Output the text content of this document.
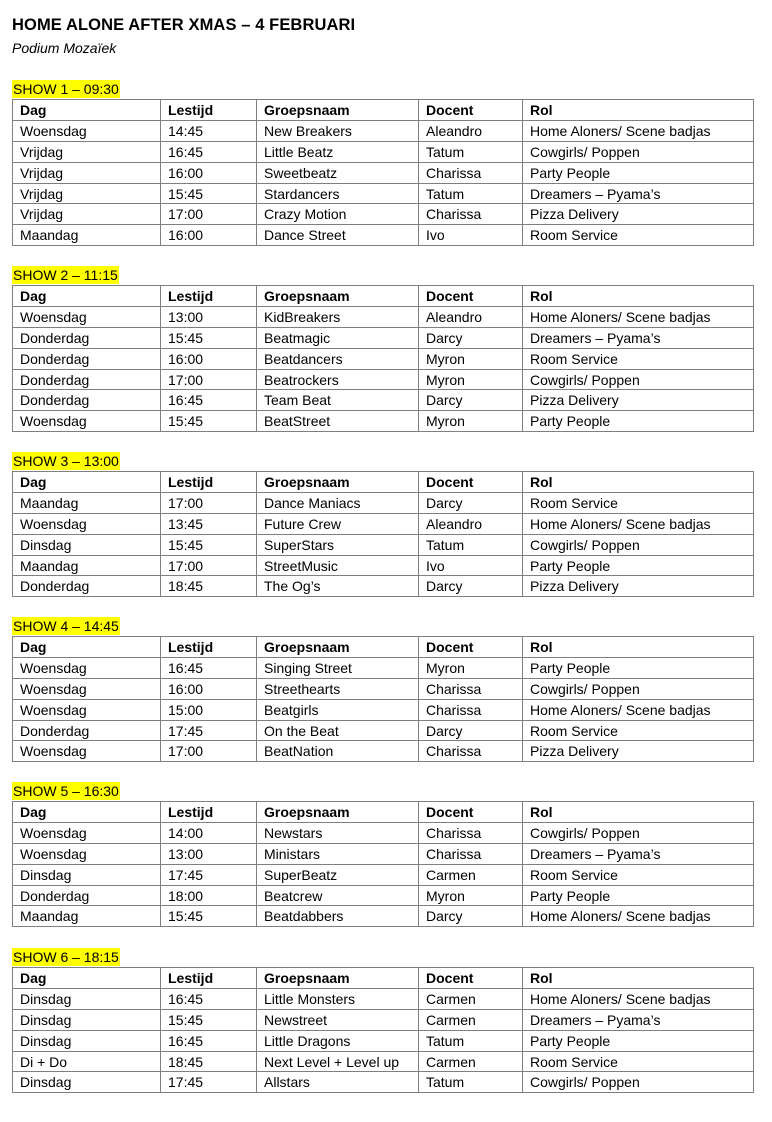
HOME ALONE AFTER XMAS – 4 FEBRUARI
Podium Mozaïek
SHOW 1 – 09:30
Dag	Lestijd	Groepsnaam	Docent	Rol
Woensdag	14:45	New Breakers	Aleandro	Home Aloners/ Scene badjas
Vrijdag	16:45	Little Beatz	Tatum	Cowgirls/ Poppen
Vrijdag	16:00	Sweetbeatz	Charissa	Party People
Vrijdag	15:45	Stardancers	Tatum	Dreamers – Pyama’s
Vrijdag	17:00	Crazy Motion	Charissa	Pizza Delivery
Maandag	16:00	Dance Street	Ivo	Room Service
SHOW 2 – 11:15
Dag	Lestijd	Groepsnaam	Docent	Rol
Woensdag	13:00	KidBreakers	Aleandro	Home Aloners/ Scene badjas
Donderdag	15:45	Beatmagic	Darcy	Dreamers – Pyama’s
Donderdag	16:00	Beatdancers	Myron	Room Service
Donderdag	17:00	Beatrockers	Myron	Cowgirls/ Poppen
Donderdag	16:45	Team Beat	Darcy	Pizza Delivery
Woensdag	15:45	BeatStreet	Myron	Party People
SHOW 3 – 13:00
Dag	Lestijd	Groepsnaam	Docent	Rol
Maandag	17:00	Dance Maniacs	Darcy	Room Service
Woensdag	13:45	Future Crew	Aleandro	Home Aloners/ Scene badjas
Dinsdag	15:45	SuperStars	Tatum	Cowgirls/ Poppen
Maandag	17:00	StreetMusic	Ivo	Party People
Donderdag	18:45	The Og’s	Darcy	Pizza Delivery
SHOW 4 – 14:45
Dag	Lestijd	Groepsnaam	Docent	Rol
Woensdag	16:45	Singing Street	Myron	Party People
Woensdag	16:00	Streethearts	Charissa	Cowgirls/ Poppen
Woensdag	15:00	Beatgirls	Charissa	Home Aloners/ Scene badjas
Donderdag	17:45	On the Beat	Darcy	Room Service
Woensdag	17:00	BeatNation	Charissa	Pizza Delivery
SHOW 5 – 16:30
Dag	Lestijd	Groepsnaam	Docent	Rol
Woensdag	14:00	Newstars	Charissa	Cowgirls/ Poppen
Woensdag	13:00	Ministars	Charissa	Dreamers – Pyama’s
Dinsdag	17:45	SuperBeatz	Carmen	Room Service
Donderdag	18:00	Beatcrew	Myron	Party People
Maandag	15:45	Beatdabbers	Darcy	Home Aloners/ Scene badjas
SHOW 6 – 18:15
Dag	Lestijd	Groepsnaam	Docent	Rol
Dinsdag	16:45	Little Monsters	Carmen	Home Aloners/ Scene badjas
Dinsdag	15:45	Newstreet	Carmen	Dreamers – Pyama’s
Dinsdag	16:45	Little Dragons	Tatum	Party People
Di + Do	18:45	Next Level + Level up	Carmen	Room Service
Dinsdag	17:45	Allstars	Tatum	Cowgirls/ Poppen
